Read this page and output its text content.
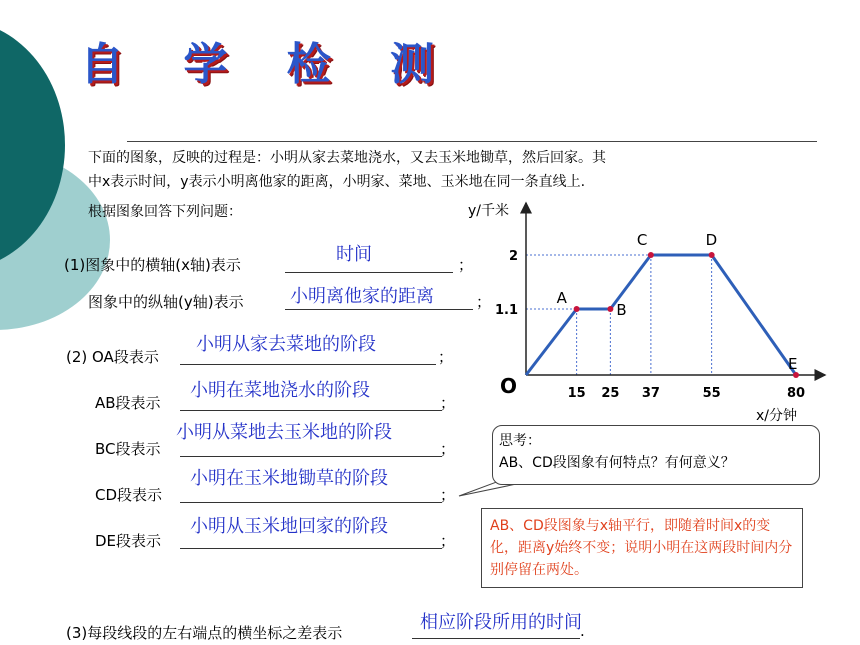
自 学 检 测
下面的图象，反映的过程是：小明从家去菜地浇水，又去玉米地锄草，然后回家。其
中x表示时间，y表示小明离他家的距离，小明家、菜地、玉米地在同一条直线上.
根据图象回答下列问题：
(1)图象中的横轴(x轴)表示	时间	；
图象中的纵轴(y轴)表示	小明离他家的距离	；
(2) OA段表示
小明从家去菜地的阶段
；
AB段表示
小明在菜地浇水的阶段
；
BC段表示
小明从菜地去玉米地的阶段
；
CD段表示
小明在玉米地锄草的阶段
；
DE段表示
小明从玉米地回家的阶段
；
(3)每段线段的左右端点的横坐标之差表示	相应阶段所用的时间
.
A
B
C	D
E
15 25 37	55	80
1.1
2
y/千米
x/分钟
O
思考：
AB、CD段图象有何特点？有何意义？
AB、CD段图象与x轴平行，即随着时间x的变化，距离y始终不变；说明小明在这两段时间内分别停留在两处。
